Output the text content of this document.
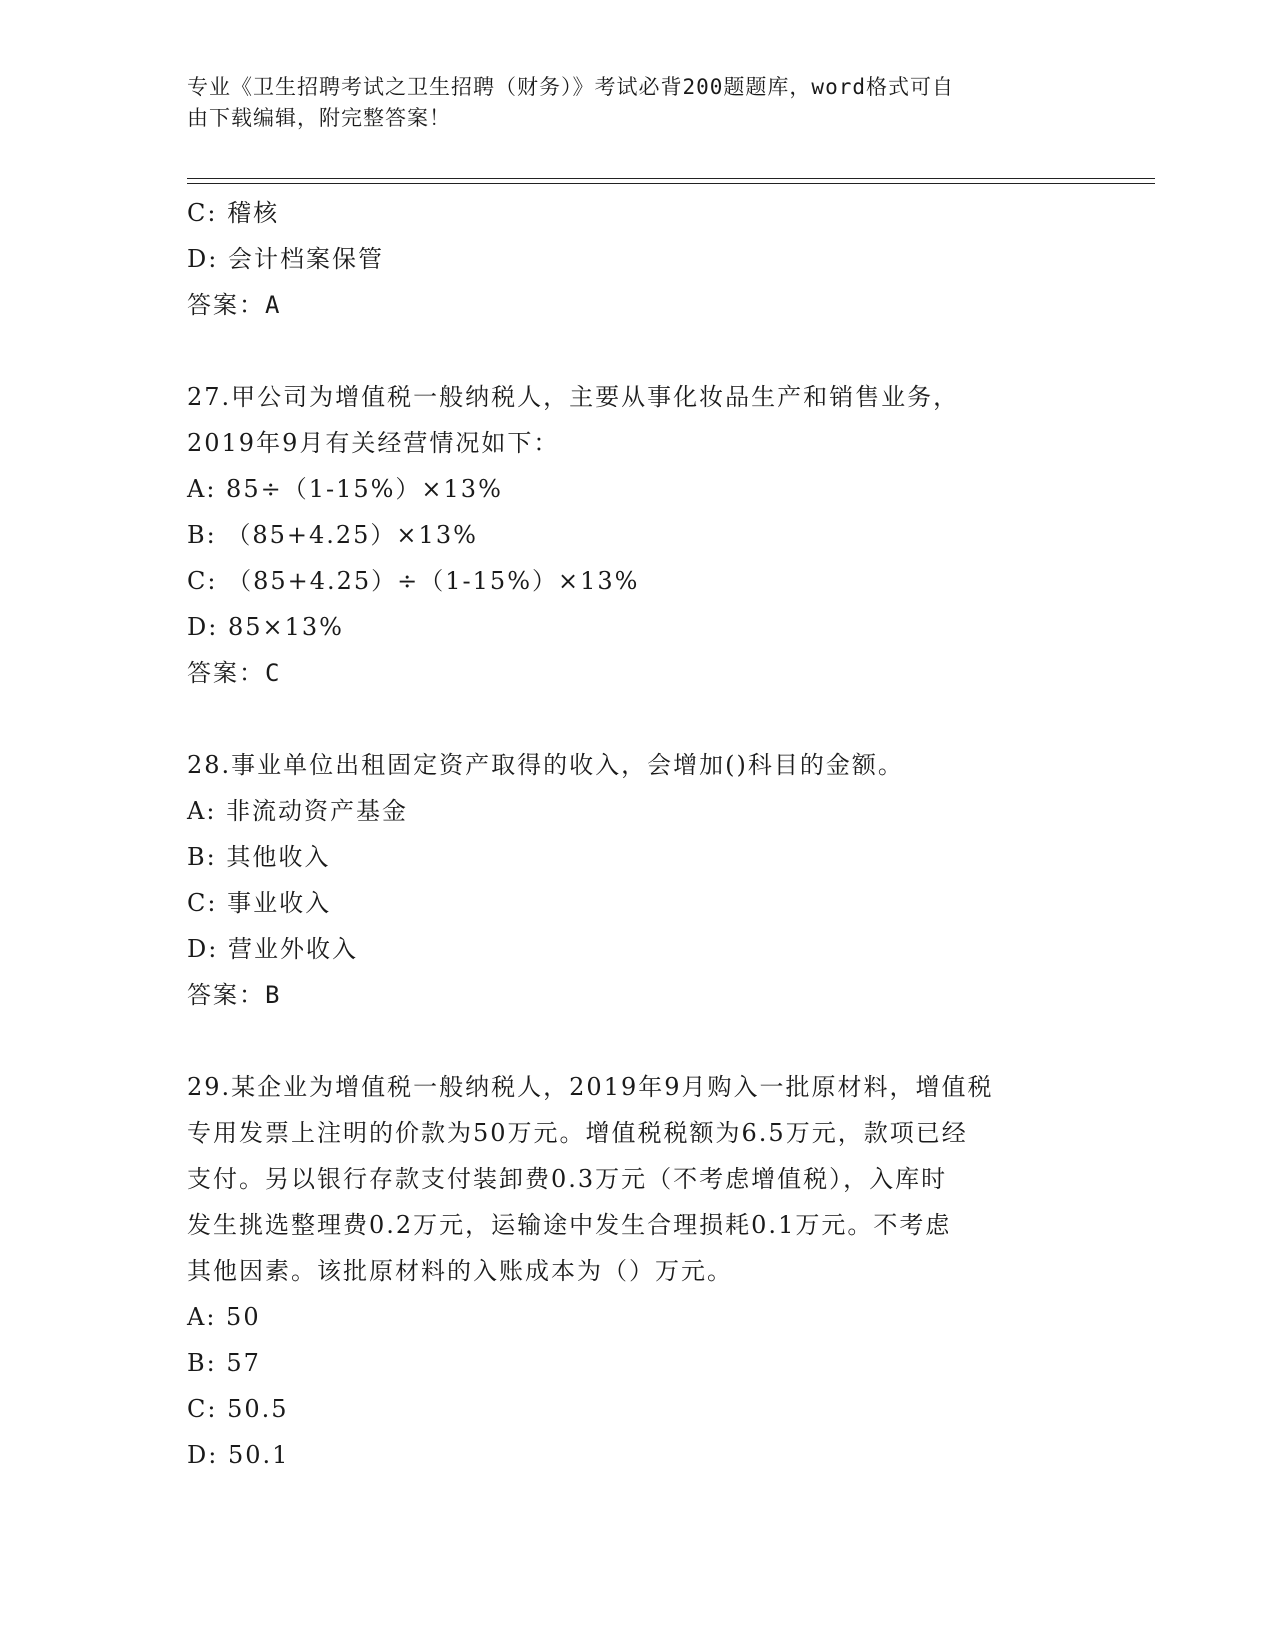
专业《卫生招聘考试之卫生招聘（财务）》考试必背200题题库，word格式可自
由下载编辑，附完整答案！
C: 稽核
D: 会计档案保管
答案：A
27.甲公司为增值税一般纳税人，主要从事化妆品生产和销售业务，
2019年9月有关经营情况如下：
A: 85÷（1-15%）×13%
B: （85+4.25）×13%
C: （85+4.25）÷（1-15%）×13%
D: 85×13%
答案：C
28.事业单位出租固定资产取得的收入，会增加()科目的金额。
A: 非流动资产基金
B: 其他收入
C: 事业收入
D: 营业外收入
答案：B
29.某企业为增值税一般纳税人，2019年9月购入一批原材料，增值税
专用发票上注明的价款为50万元。增值税税额为6.5万元，款项已经
支付。另以银行存款支付装卸费0.3万元（不考虑增值税），入库时
发生挑选整理费0.2万元，运输途中发生合理损耗0.1万元。不考虑
其他因素。该批原材料的入账成本为（）万元。
A: 50
B: 57
C: 50.5
D: 50.1
